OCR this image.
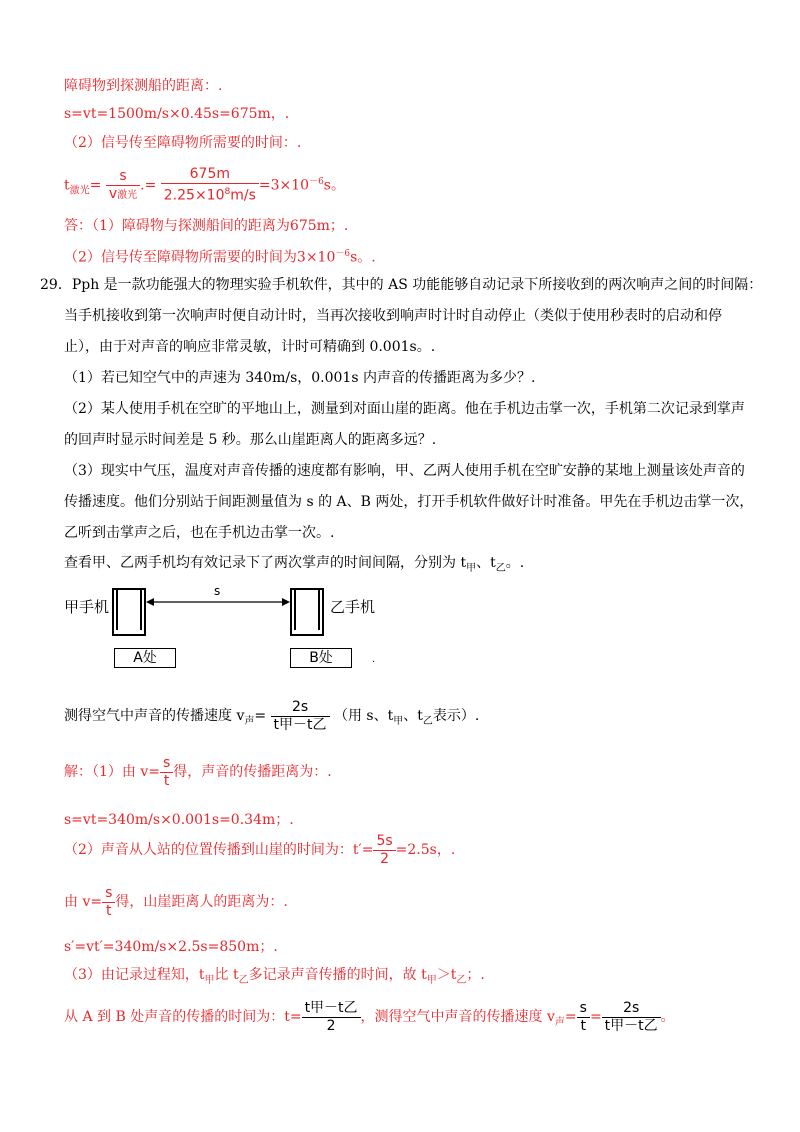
障碍物到探测船的距离：.
s=vt=1500m/s×0.45s=675m，.
（2）信号传至障碍物所需要的时间：.
$t_{激光}= \frac{s}{\text{v激光}}$ .= $\frac{675m}{2.25\times 10^8m/s} =3\times 10^{-6}s$。
答：（1）障碍物与探测船间的距离为675m；.
（2）信号传至障碍物所需要的时间为$3\times 10^{-6}s$。.
29．Pph 是一款功能强大的物理实验手机软件，其中的 AS 功能能够自动记录下所接收到的两次响声之间的时间隔：
当手机接收到第一次响声时便自动计时，当再次接收到响声时计时自动停止（类似于使用秒表时的启动和停
止），由于对声音的响应非常灵敏，计时可精确到 0.001s。.
（1）若已知空气中的声速为 340m/s，0.001s 内声音的传播距离为多少？.
（2）某人使用手机在空旷的平地山上，测量到对面山崖的距离。他在手机边击掌一次，手机第二次记录到掌声
的回声时显示时间差是 5 秒。那么山崖距离人的距离多远？.
（3）现实中气压，温度对声音传播的速度都有影响，甲、乙两人使用手机在空旷安静的某地上测量该处声音的
传播速度。他们分别站于间距测量值为 s 的 A、B 两处，打开手机软件做好计时准备。甲先在手机边击掌一次，
乙听到击掌声之后，也在手机边击掌一次。.
查看甲、乙两手机均有效记录下了两次掌声的时间间隔，分别为 $t_甲$、$t_乙$。.
甲手机
s
乙手机
A处	B处	.
测得空气中声音的传播速度 $v_声= \frac{2s}{\text{t甲－t乙}}$ （用 s、$t_甲$、$t_乙$表示）.
解：（1）由 $v= \frac{s}{t}$ 得，声音的传播距离为：.
s=vt=340m/s×0.001s=0.34m；.
（2）声音从人站的位置传播到山崖的时间为：$t'= \frac{5s}{2} =2.5s$，.
由 $v= \frac{s}{t}$ 得，山崖距离人的距离为：.
s′=vt′=340m/s×2.5s=850m；.
（3）由记录过程知，$t_甲$比 $t_乙$多记录声音传播的时间，故 $t_甲>t_乙$；.
从 A 到 B 处声音的传播的时间为：$t= \frac{\text{t甲－t乙}}{2}$ ，测得空气中声音的传播速度 $v_声= \frac{s}{t} = \frac{2s}{\text{t甲－t乙}}$ 。
